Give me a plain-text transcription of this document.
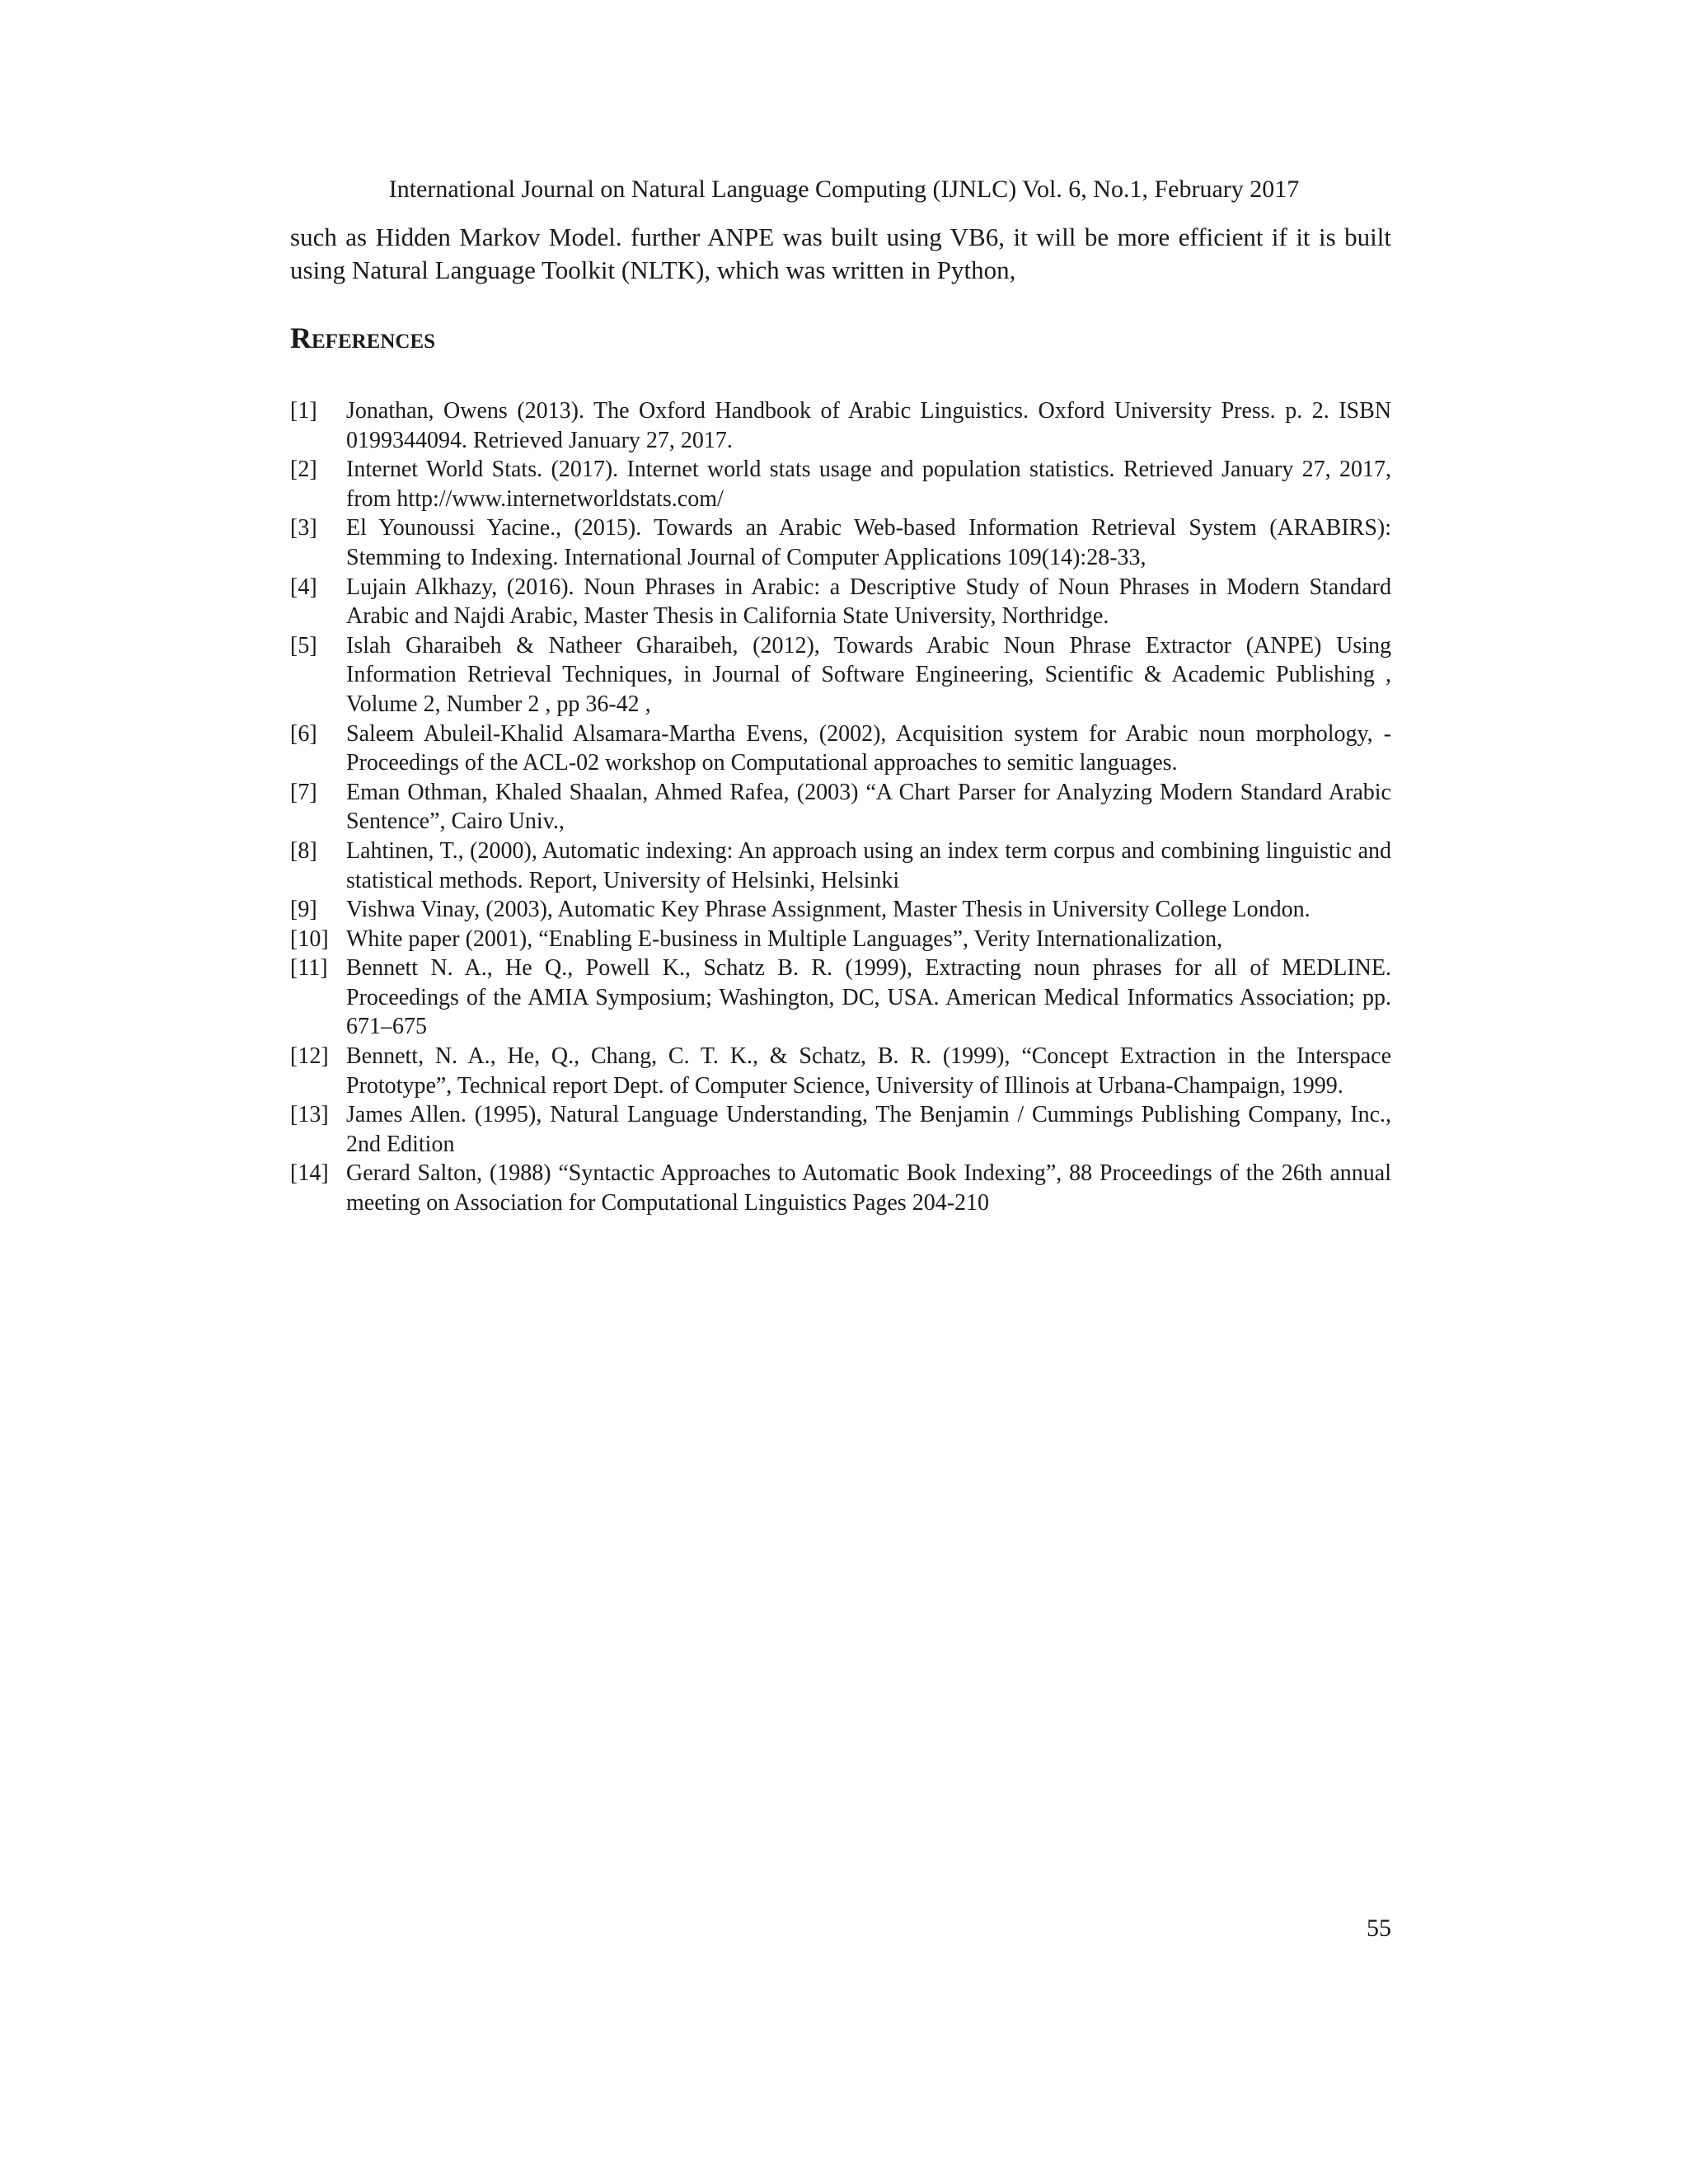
International Journal on Natural Language Computing (IJNLC) Vol. 6, No.1, February 2017

such as Hidden Markov Model. further ANPE was built using VB6, it will be more efficient if it is built using Natural Language Toolkit (NLTK), which was written in Python,

References
[1] Jonathan, Owens (2013). The Oxford Handbook of Arabic Linguistics. Oxford University Press. p. 2. ISBN 0199344094. Retrieved January 27, 2017.
[2] Internet World Stats. (2017). Internet world stats usage and population statistics. Retrieved January 27, 2017, from http://www.internetworldstats.com/
[3] El Younoussi Yacine., (2015). Towards an Arabic Web-based Information Retrieval System (ARABIRS): Stemming to Indexing. International Journal of Computer Applications 109(14):28-33,
[4] Lujain Alkhazy, (2016). Noun Phrases in Arabic: a Descriptive Study of Noun Phrases in Modern Standard Arabic and Najdi Arabic, Master Thesis in California State University, Northridge.
[5] Islah Gharaibeh & Natheer Gharaibeh, (2012), Towards Arabic Noun Phrase Extractor (ANPE) Using Information Retrieval Techniques, in Journal of Software Engineering, Scientific & Academic Publishing , Volume 2, Number 2 , pp 36-42 ,
[6] Saleem Abuleil-Khalid Alsamara-Martha Evens, (2002), Acquisition system for Arabic noun morphology, - Proceedings of the ACL-02 workshop on Computational approaches to semitic languages.
[7] Eman Othman, Khaled Shaalan, Ahmed Rafea, (2003) “A Chart Parser for Analyzing Modern Standard Arabic Sentence”, Cairo Univ.,
[8] Lahtinen, T., (2000), Automatic indexing: An approach using an index term corpus and combining linguistic and statistical methods. Report, University of Helsinki, Helsinki
[9] Vishwa Vinay, (2003), Automatic Key Phrase Assignment, Master Thesis in University College London.
[10] White paper (2001), “Enabling E-business in Multiple Languages”, Verity Internationalization,
[11] Bennett N. A., He Q., Powell K., Schatz B. R. (1999), Extracting noun phrases for all of MEDLINE. Proceedings of the AMIA Symposium; Washington, DC, USA. American Medical Informatics Association; pp. 671–675
[12] Bennett, N. A., He, Q., Chang, C. T. K., & Schatz, B. R. (1999), “Concept Extraction in the Interspace Prototype”, Technical report Dept. of Computer Science, University of Illinois at Urbana-Champaign, 1999.
[13] James Allen. (1995), Natural Language Understanding, The Benjamin / Cummings Publishing Company, Inc., 2nd Edition
[14] Gerard Salton, (1988) “Syntactic Approaches to Automatic Book Indexing”, 88 Proceedings of the 26th annual meeting on Association for Computational Linguistics Pages 204-210
55
